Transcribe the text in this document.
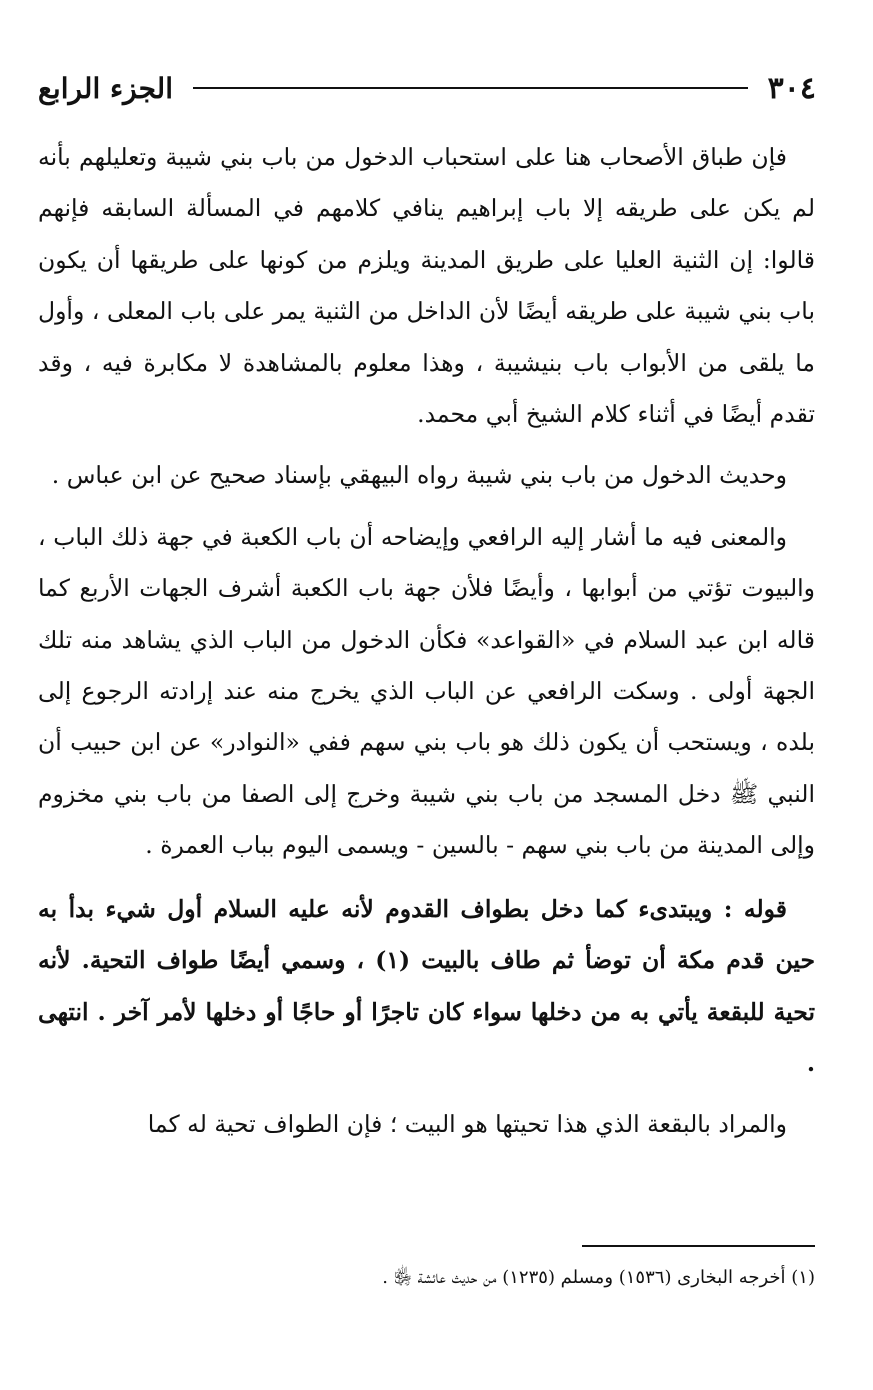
٣٠٤
الجزء الرابع

فإن طباق الأصحاب هنا على استحباب الدخول من باب بني شيبة وتعليلهم بأنه لم يكن على طريقه إلا باب إبراهيم ينافي كلامهم في المسألة السابقه فإنهم قالوا: إن الثنية العليا على طريق المدينة ويلزم من كونها على طريقها أن يكون باب بني شيبة على طريقه أيضًا لأن الداخل من الثنية يمر على باب المعلى ، وأول ما يلقى من الأبواب باب بنيشيبة ، وهذا معلوم بالمشاهدة لا مكابرة فيه ، وقد تقدم أيضًا في أثناء كلام الشيخ أبي محمد.

وحديث الدخول من باب بني شيبة رواه البيهقي بإسناد صحيح عن ابن عباس .

والمعنى فيه ما أشار إليه الرافعي وإيضاحه أن باب الكعبة في جهة ذلك الباب ، والبيوت تؤتي من أبوابها ، وأيضًا فلأن جهة باب الكعبة أشرف الجهات الأربع كما قاله ابن عبد السلام في «القواعد» فكأن الدخول من الباب الذي يشاهد منه تلك الجهة أولى . وسكت الرافعي عن الباب الذي يخرج منه عند إرادته الرجوع إلى بلده ، ويستحب أن يكون ذلك هو باب بني سهم ففي «النوادر» عن ابن حبيب أن النبي ﷺ دخل المسجد من باب بني شيبة وخرج إلى الصفا من باب بني مخزوم وإلى المدينة من باب بني سهم - بالسين - ويسمى اليوم بباب العمرة .

قوله : ويبتدىء كما دخل بطواف القدوم لأنه عليه السلام أول شيء بدأ به حين قدم مكة أن توضأ ثم طاف بالبيت (١) ، وسمي أيضًا طواف التحية. لأنه تحية للبقعة يأتي به من دخلها سواء كان تاجرًا أو حاجًا أو دخلها لأمر آخر . انتهى .

والمراد بالبقعة الذي هذا تحيتها هو البيت ؛ فإن الطواف تحية له كما

(١) أخرجه البخارى (١٥٣٦) ومسلم (١٢٣٥) من حديث عائشة ﵂ .
